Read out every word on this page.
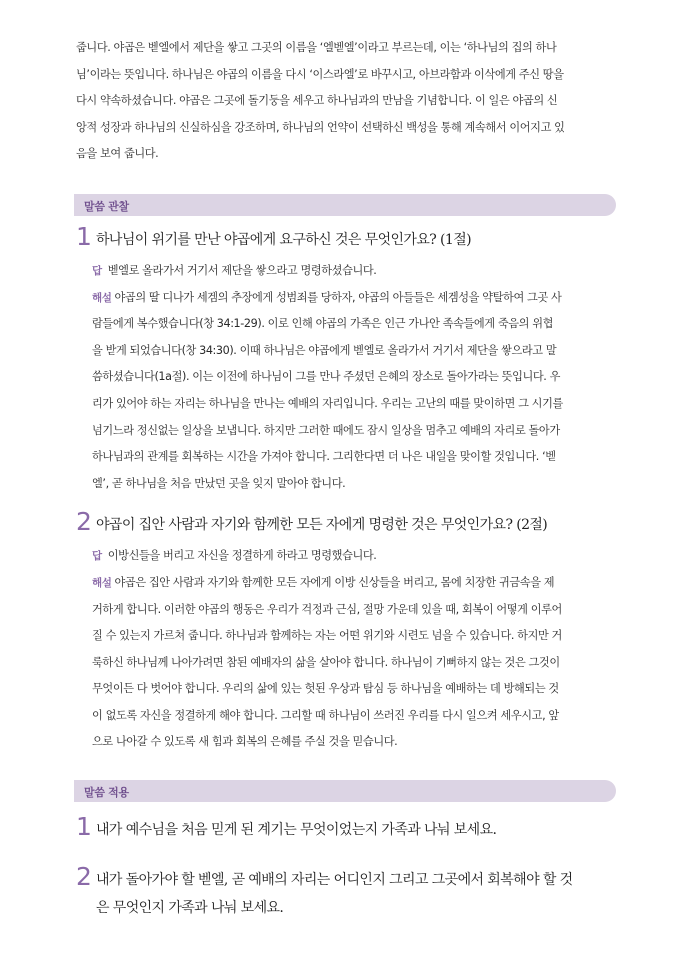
줍니다. 야곱은 벧엘에서 제단을 쌓고 그곳의 이름을 ‘엘벧엘’이라고 부르는데, 이는 ‘하나님의 집의 하나

님’이라는 뜻입니다. 하나님은 야곱의 이름을 다시 ‘이스라엘’로 바꾸시고, 아브라함과 이삭에게 주신 땅을

다시 약속하셨습니다. 야곱은 그곳에 돌기둥을 세우고 하나님과의 만남을 기념합니다. 이 일은 야곱의 신

앙적 성장과 하나님의 신실하심을 강조하며, 하나님의 언약이 선택하신 백성을 통해 계속해서 이어지고 있

음을 보여 줍니다.

말씀 관찰
1 하나님이 위기를 만난 야곱에게 요구하신 것은 무엇인가요? (1절)

답 벧엘로 올라가서 거기서 제단을 쌓으라고 명령하셨습니다.
해설 야곱의 딸 디나가 세겜의 추장에게 성범죄를 당하자, 야곱의 아들들은 세겜성을 약탈하여 그곳 사
람들에게 복수했습니다(창 34:1-29). 이로 인해 야곱의 가족은 인근 가나안 족속들에게 죽음의 위협
을 받게 되었습니다(창 34:30). 이때 하나님은 야곱에게 벧엘로 올라가서 거기서 제단을 쌓으라고 말
씀하셨습니다(1a절). 이는 이전에 하나님이 그를 만나 주셨던 은혜의 장소로 돌아가라는 뜻입니다. 우
리가 있어야 하는 자리는 하나님을 만나는 예배의 자리입니다. 우리는 고난의 때를 맞이하면 그 시기를
넘기느라 정신없는 일상을 보냅니다. 하지만 그러한 때에도 잠시 일상을 멈추고 예배의 자리로 돌아가
하나님과의 관계를 회복하는 시간을 가져야 합니다. 그리한다면 더 나은 내일을 맞이할 것입니다. ‘벧
엘’, 곧 하나님을 처음 만났던 곳을 잊지 말아야 합니다.
2 야곱이 집안 사람과 자기와 함께한 모든 자에게 명령한 것은 무엇인가요? (2절)

답 이방신들을 버리고 자신을 정결하게 하라고 명령했습니다.
해설 야곱은 집안 사람과 자기와 함께한 모든 자에게 이방 신상들을 버리고, 몸에 치장한 귀금속을 제
거하게 합니다. 이러한 야곱의 행동은 우리가 걱정과 근심, 절망 가운데 있을 때, 회복이 어떻게 이루어
질 수 있는지 가르쳐 줍니다. 하나님과 함께하는 자는 어떤 위기와 시련도 넘을 수 있습니다. 하지만 거
룩하신 하나님께 나아가려면 참된 예배자의 삶을 살아야 합니다. 하나님이 기뻐하지 않는 것은 그것이
무엇이든 다 벗어야 합니다. 우리의 삶에 있는 헛된 우상과 탐심 등 하나님을 예배하는 데 방해되는 것
이 없도록 자신을 정결하게 해야 합니다. 그리할 때 하나님이 쓰러진 우리를 다시 일으켜 세우시고, 앞
으로 나아갈 수 있도록 새 힘과 회복의 은혜를 주실 것을 믿습니다.
말씀 적용
1 내가 예수님을 처음 믿게 된 계기는 무엇이었는지 가족과 나눠 보세요.

2 내가 돌아가야 할 벧엘, 곧 예배의 자리는 어디인지 그리고 그곳에서 회복해야 할 것

은 무엇인지 가족과 나눠 보세요.
